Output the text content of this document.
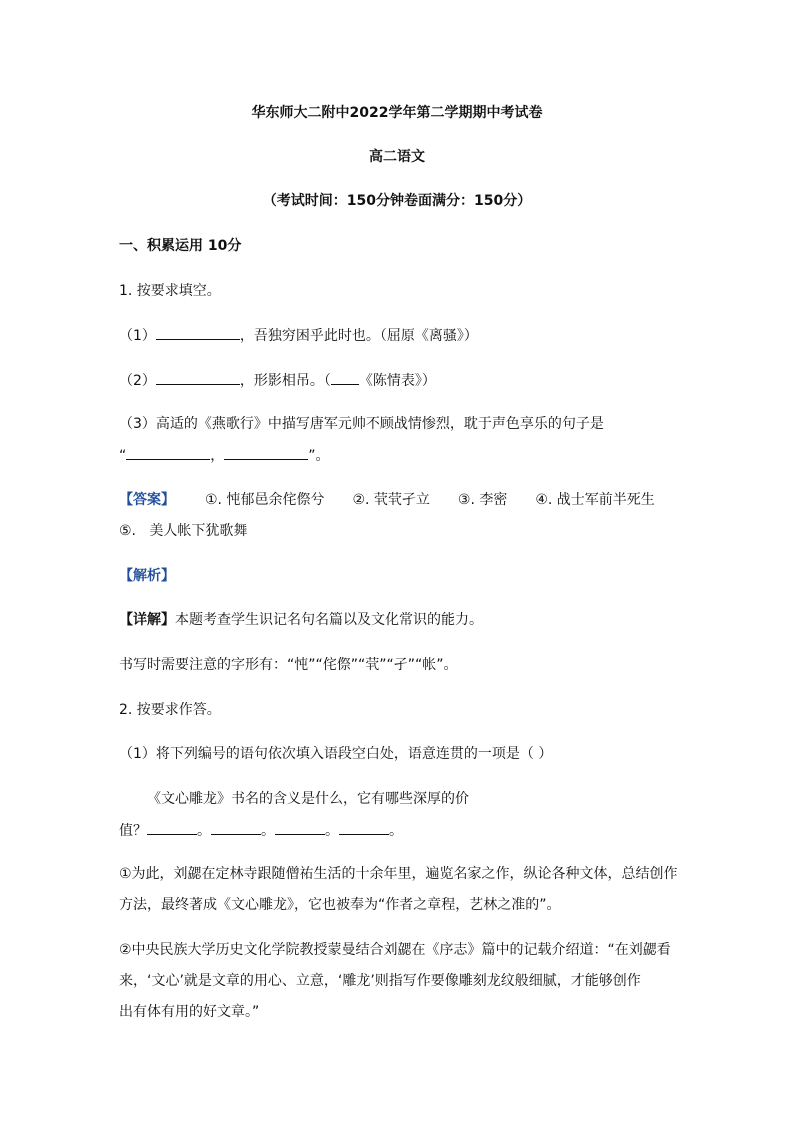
华东师大二附中2022学年第二学期期中考试卷
高二语文
（考试时间：150分钟卷面满分：150分）
一、积累运用 10分
1. 按要求填空。
（1）	，吾独穷困乎此时也。（屈原《离骚》）
（2）	，形影相吊。（ 《陈情表》）
（3）高适的《燕歌行》中描写唐军元帅不顾战情惨烈，耽于声色享乐的句子是
“	，	”。
【答案】 ①. 忳郁邑余侘傺兮 ②. 茕茕孑立 ③. 李密 ④. 战士军前半死生
⑤.   美人帐下犹歌舞
【解析】
【详解】本题考查学生识记名句名篇以及文化常识的能力。
书写时需要注意的字形有：“忳”“侘傺”“茕”“孑”“帐”。
2. 按要求作答。
（1）将下列编号的语句依次填入语段空白处，语意连贯的一项是（ ）
《文心雕龙》书名的含义是什么，它有哪些深厚的价
值？	。	。	。	。
①为此，刘勰在定林寺跟随僧祐生活的十余年里，遍览名家之作，纵论各种文体，总结创作
方法，最终著成《文心雕龙》，它也被奉为“作者之章程，艺林之准的”。
②中央民族大学历史文化学院教授蒙曼结合刘勰在《序志》篇中的记载介绍道：“在刘勰看
来，‘文心’就是文章的用心、立意，‘雕龙’则指写作要像雕刻龙纹般细腻，才能够创作
出有体有用的好文章。”
